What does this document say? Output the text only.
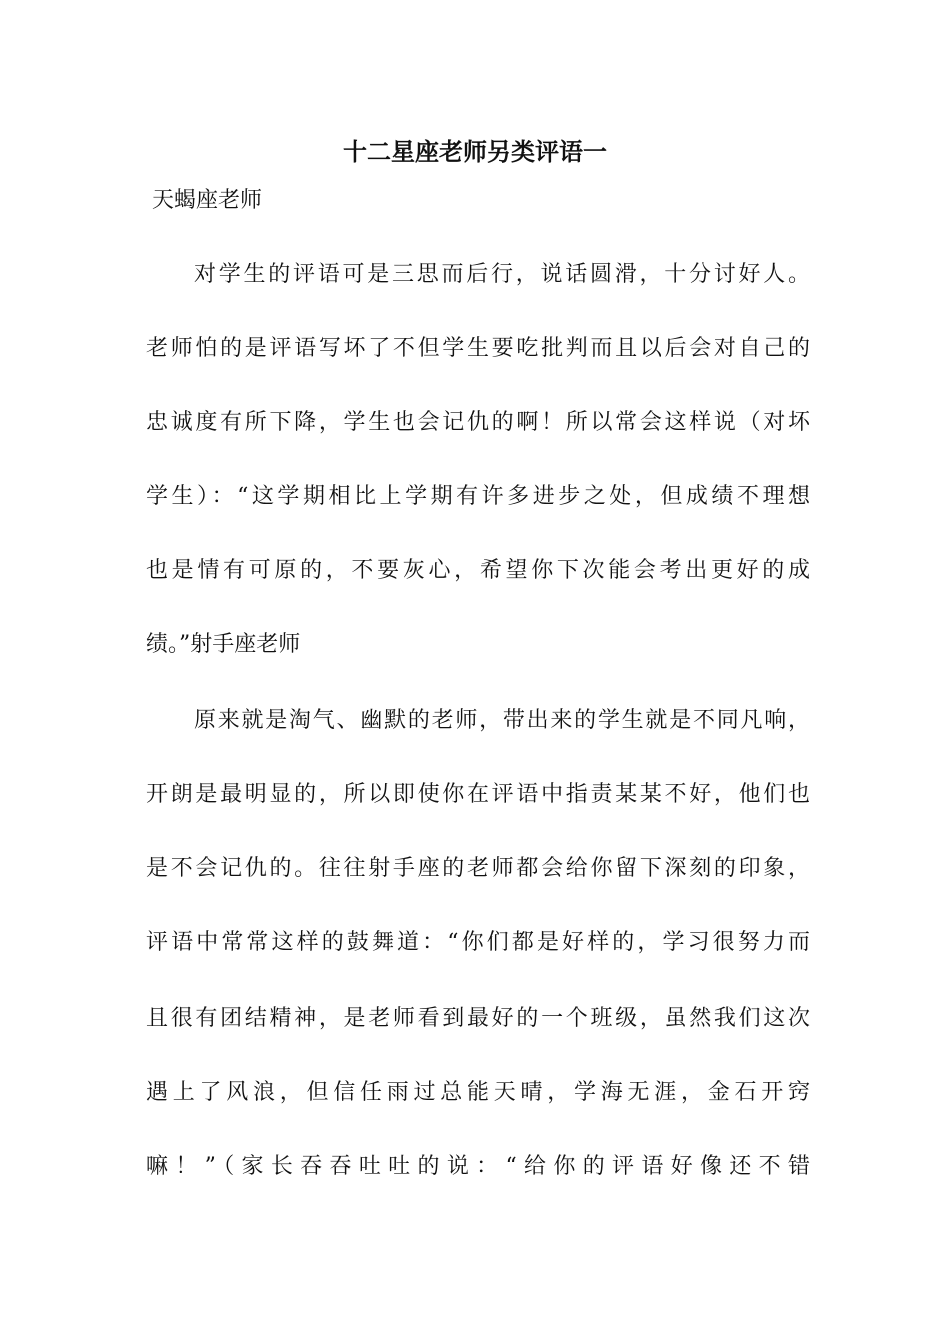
十二星座老师另类评语一
天蝎座老师
对学生的评语可是三思而后行，说话圆滑，十分讨好人。
老师怕的是评语写坏了不但学生要吃批判而且以后会对自己的
忠诚度有所下降，学生也会记仇的啊！所以常会这样说（对坏
学生）：“这学期相比上学期有许多进步之处，但成绩不理想
也是情有可原的，不要灰心，希望你下次能会考出更好的成
绩。”射手座老师
原来就是淘气、幽默的老师，带出来的学生就是不同凡响，
开朗是最明显的，所以即使你在评语中指责某某不好，他们也
是不会记仇的。往往射手座的老师都会给你留下深刻的印象，
评语中常常这样的鼓舞道：“你们都是好样的，学习很努力而
且很有团结精神，是老师看到最好的一个班级，虽然我们这次
遇上了风浪，但信任雨过总能天晴，学海无涯，金石开窍
嘛！”（家长吞吞吐吐的说：“给你的评语好像还不错
